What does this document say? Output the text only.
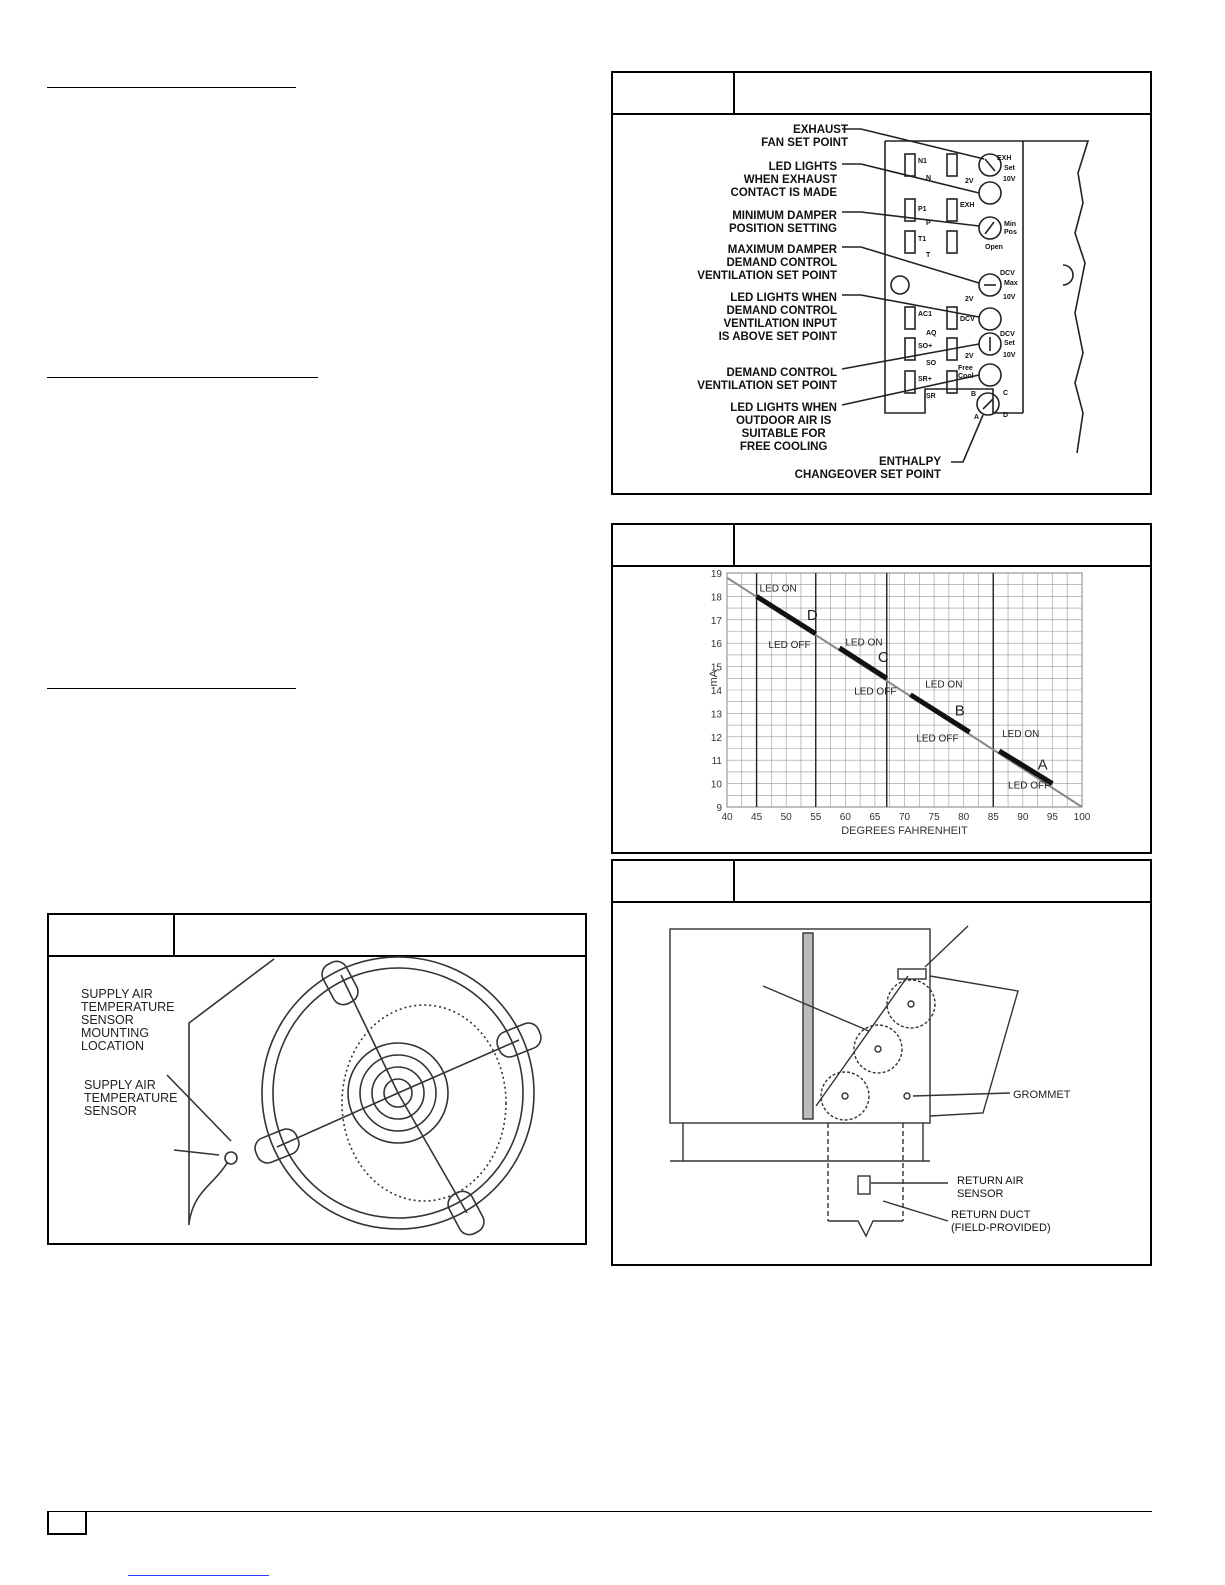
EXHAUST
FAN SET POINT
LED LIGHTS
WHEN EXHAUST
CONTACT IS MADE
MINIMUM DAMPER
POSITION SETTING
MAXIMUM DAMPER
DEMAND CONTROL
VENTILATION SET POINT
LED LIGHTS WHEN
DEMAND CONTROL
VENTILATION INPUT
IS ABOVE SET POINT
DEMAND CONTROL
VENTILATION SET POINT
LED LIGHTS WHEN
OUTDOOR AIR IS
SUITABLE FOR
FREE COOLING
ENTHALPY
CHANGEOVER SET POINT
N1
N
EXH
Set
2V	10V
EXH
P1
P	Min
Pos
Open
T1
T
DCV
Max
2V	10V
AC1
AQ
DCV
SO+
SO
DCV
Set
2V	10V
SR+
SR
Free
Cool
A
B	C
D
40 45 50 55 60 65 70 75 80 85 90 95 100
9
10
11
12
13
14
15
16
17
18
19
LED ON
D
LED OFF	LED ON
C
LED OFF
LED ON
B
LED OFF	LED ON
A
LED OFF
DEGREES FAHRENHEIT
mA
GROMMET
RETURN AIR
SENSOR
RETURN DUCT
(FIELD-PROVIDED)
SUPPLY AIR
TEMPERATURE
SENSOR
MOUNTING
LOCATION
SUPPLY AIR
TEMPERATURE
SENSOR
